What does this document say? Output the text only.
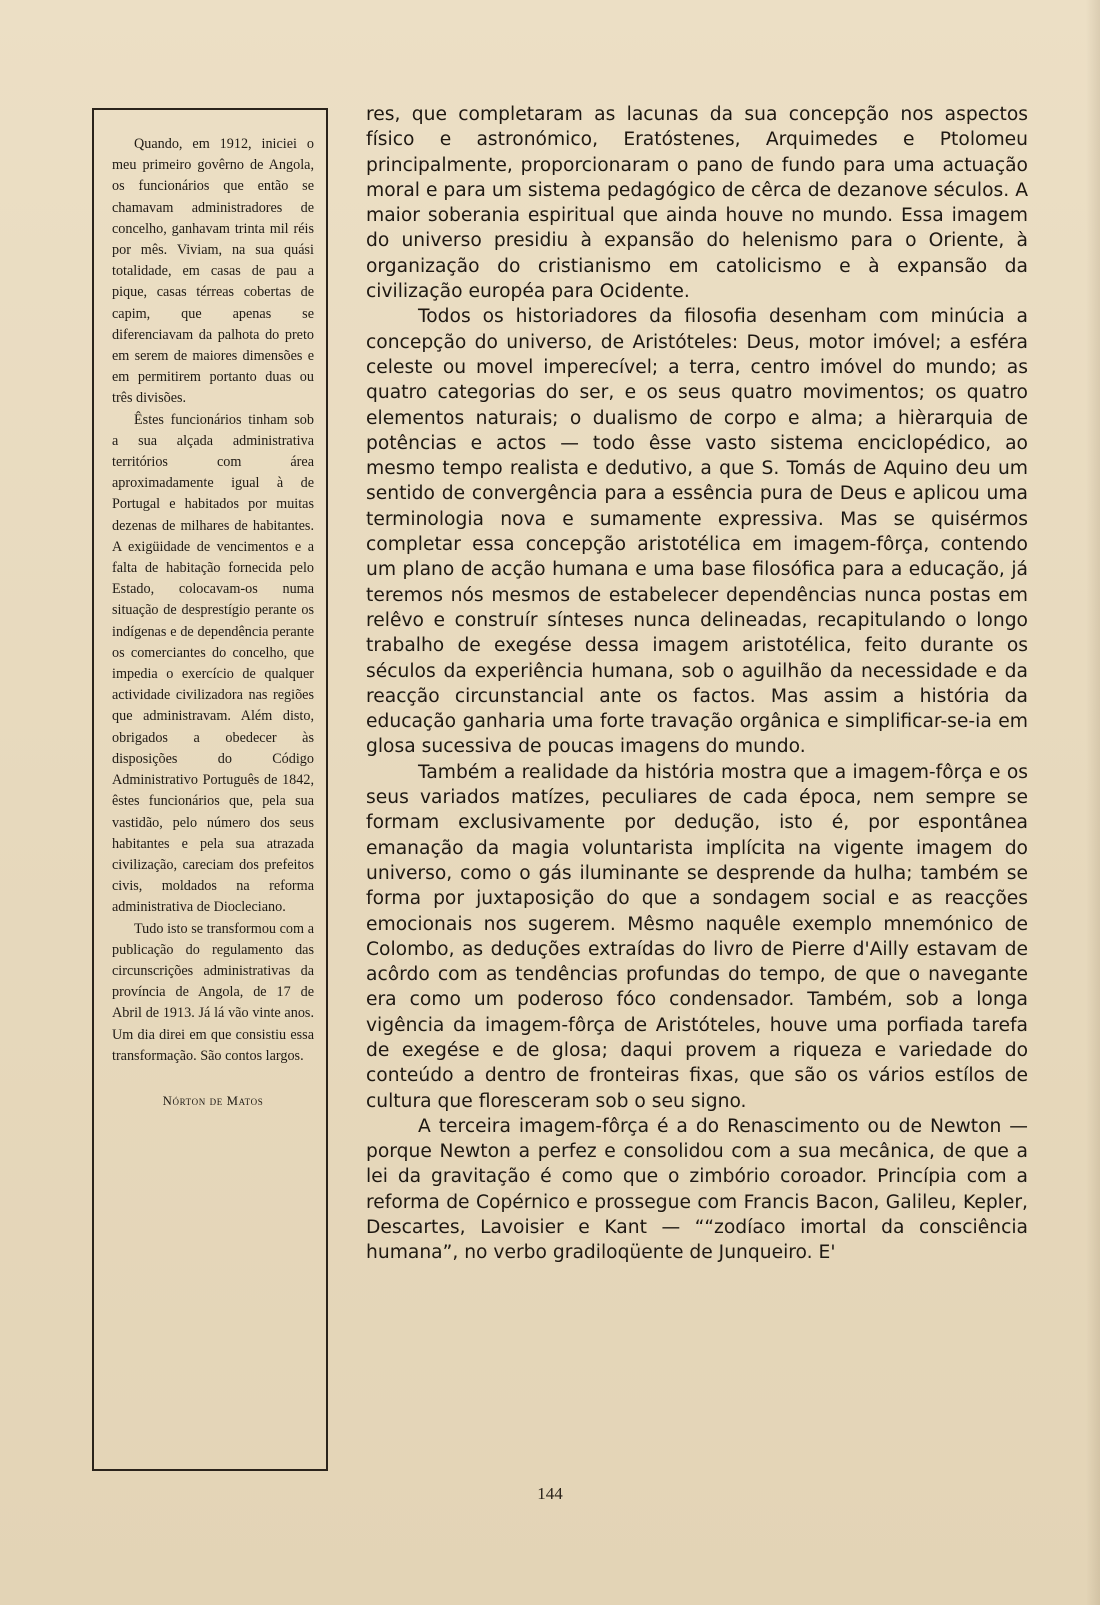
Quando, em 1912, iniciei o meu primeiro govêrno de Angola, os funcionários que então se chamavam administradores de concelho, ganhavam trinta mil réis por mês. Viviam, na sua quási totalidade, em casas de pau a pique, casas térreas cobertas de capim, que apenas se diferenciavam da palhota do preto em serem de maiores dimensões e em permitirem portanto duas ou três divisões.

Êstes funcionários tinham sob a sua alçada administrativa territórios com área aproximadamente igual à de Portugal e habitados por muitas dezenas de milhares de habitantes. A exigüidade de vencimentos e a falta de habitação fornecida pelo Estado, colocavam-os numa situação de desprestígio perante os indígenas e de dependência perante os comerciantes do concelho, que impedia o exercício de qualquer actividade civilizadora nas regiões que administravam. Além disto, obrigados a obedecer às disposições do Código Administrativo Português de 1842, êstes funcionários que, pela sua vastidão, pelo número dos seus habitantes e pela sua atrazada civilização, careciam dos prefeitos civis, moldados na reforma administrativa de Diocleciano.

Tudo isto se transformou com a publicação do regulamento das circunscrições administrativas da província de Angola, de 17 de Abril de 1913. Já lá vão vinte anos. Um dia direi em que consistiu essa transformação. São contos largos.

Nórton de Matos

res, que completaram as lacunas da sua concepção nos aspectos físico e astronómico, Eratóstenes, Arquimedes e Ptolomeu principalmente, proporcionaram o pano de fundo para uma actuação moral e para um sistema pedagógico de cêrca de dezanove séculos. A maior soberania espiritual que ainda houve no mundo. Essa imagem do universo presidiu à expansão do helenismo para o Oriente, à organização do cristianismo em catolicismo e à expansão da civilização européa para Ocidente.

Todos os historiadores da filosofia desenham com minúcia a concepção do universo, de Aristóteles: Deus, motor imóvel; a esféra celeste ou movel imperecível; a terra, centro imóvel do mundo; as quatro categorias do ser, e os seus quatro movimentos; os quatro elementos naturais; o dualismo de corpo e alma; a hièrarquia de potências e actos — todo êsse vasto sistema enciclopédico, ao mesmo tempo realista e dedutivo, a que S. Tomás de Aquino deu um sentido de convergência para a essência pura de Deus e aplicou uma terminologia nova e sumamente expressiva. Mas se quisérmos completar essa concepção aristotélica em imagem-fôrça, contendo um plano de acção humana e uma base filosófica para a educação, já teremos nós mesmos de estabelecer dependências nunca postas em relêvo e construír sínteses nunca delineadas, recapitulando o longo trabalho de exegése dessa imagem aristotélica, feito durante os séculos da experiência humana, sob o aguilhão da necessidade e da reacção circunstancial ante os factos. Mas assim a história da educação ganharia uma forte travação orgânica e simplificar-se-ia em glosa sucessiva de poucas imagens do mundo.

Também a realidade da história mostra que a imagem-fôrça e os seus variados matízes, peculiares de cada época, nem sempre se formam exclusivamente por dedução, isto é, por espontânea emanação da magia voluntarista implícita na vigente imagem do universo, como o gás iluminante se desprende da hulha; também se forma por juxtaposição do que a sondagem social e as reacções emocionais nos sugerem. Mêsmo naquêle exemplo mnemónico de Colombo, as deduções extraídas do livro de Pierre d'Ailly estavam de acôrdo com as tendências profundas do tempo, de que o navegante era como um poderoso fóco condensador. Também, sob a longa vigência da imagem-fôrça de Aristóteles, houve uma porfiada tarefa de exegése e de glosa; daqui provem a riqueza e variedade do conteúdo a dentro de fronteiras fixas, que são os vários estílos de cultura que floresceram sob o seu signo.

A terceira imagem-fôrça é a do Renascimento ou de Newton — porque Newton a perfez e consolidou com a sua mecânica, de que a lei da gravitação é como que o zimbório coroador. Princípia com a reforma de Copérnico e prossegue com Francis Bacon, Galileu, Kepler, Descartes, Lavoisier e Kant — ““zodíaco imortal da consciência humana”, no verbo gradiloqüente de Junqueiro. E'

144
